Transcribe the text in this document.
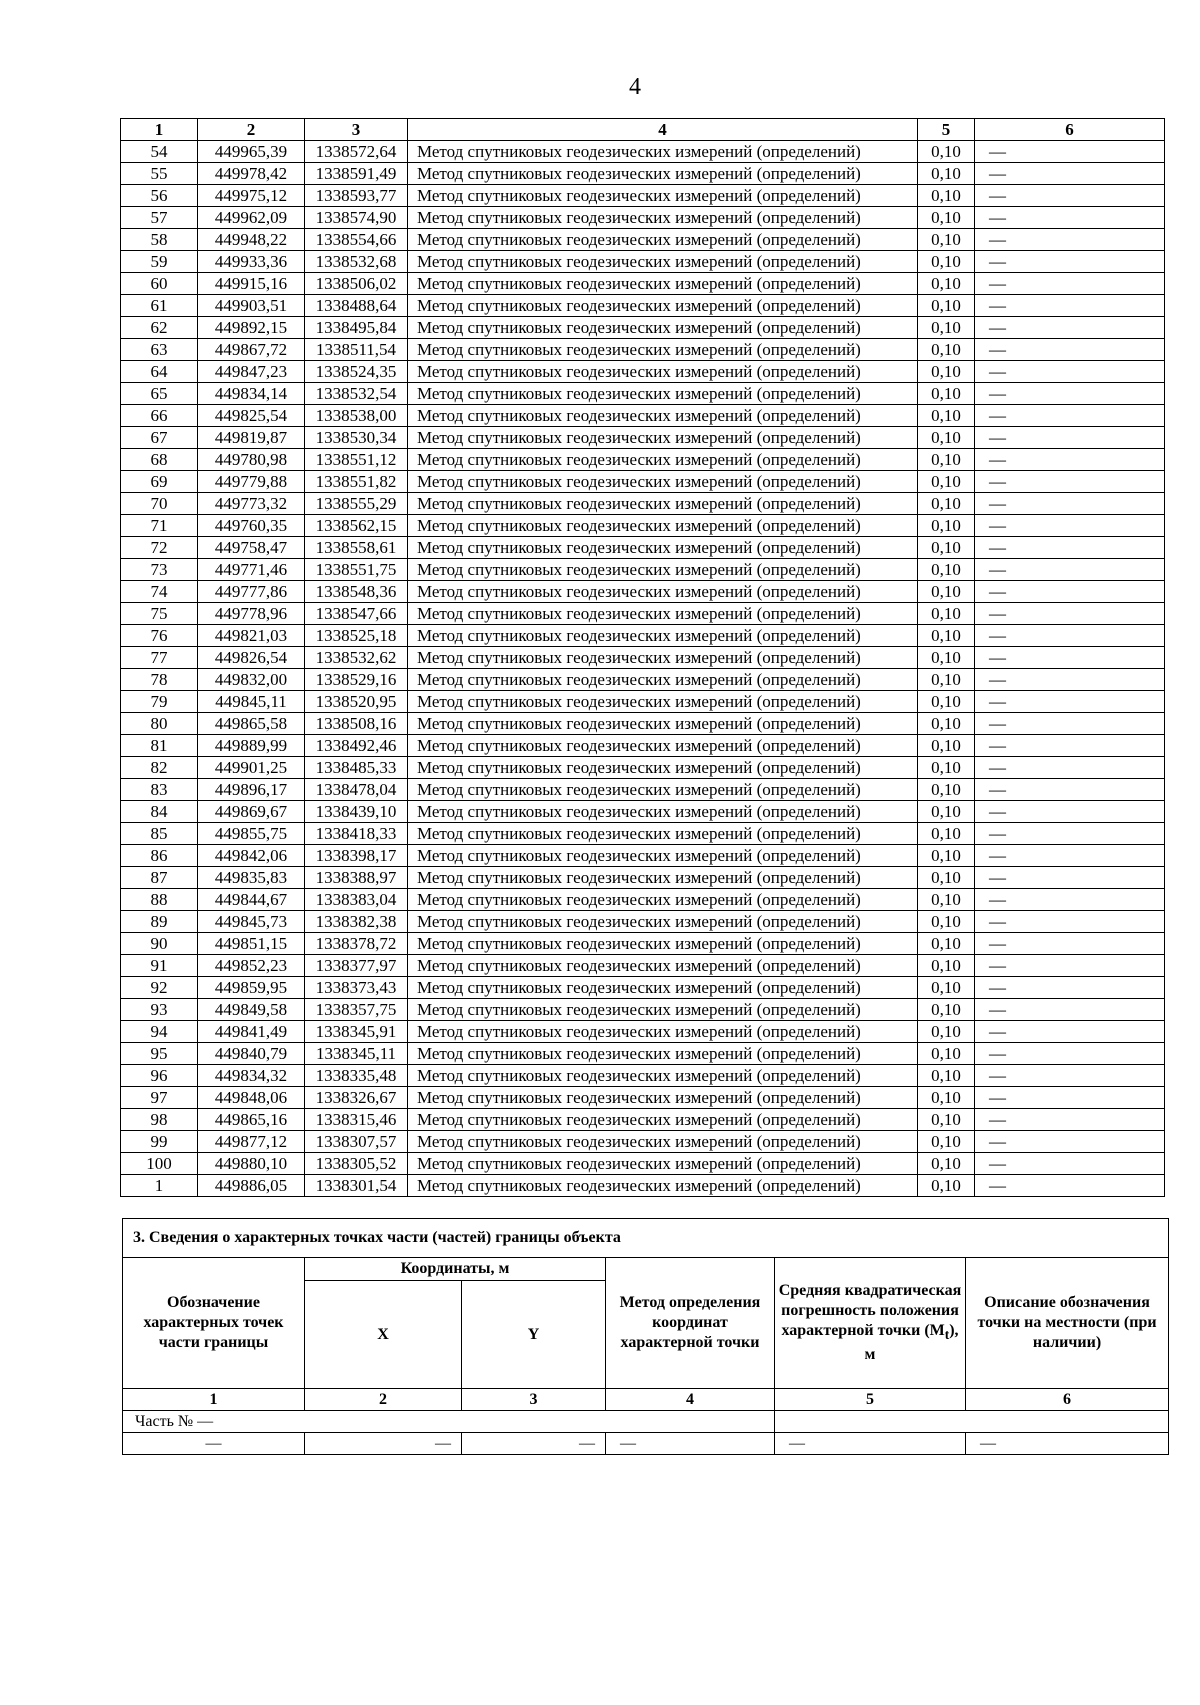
4
1	2	3	4	5	6
54	449965,39	1338572,64	Метод спутниковых геодезических измерений (определений)	0,10	—
55	449978,42	1338591,49	Метод спутниковых геодезических измерений (определений)	0,10	—
56	449975,12	1338593,77	Метод спутниковых геодезических измерений (определений)	0,10	—
57	449962,09	1338574,90	Метод спутниковых геодезических измерений (определений)	0,10	—
58	449948,22	1338554,66	Метод спутниковых геодезических измерений (определений)	0,10	—
59	449933,36	1338532,68	Метод спутниковых геодезических измерений (определений)	0,10	—
60	449915,16	1338506,02	Метод спутниковых геодезических измерений (определений)	0,10	—
61	449903,51	1338488,64	Метод спутниковых геодезических измерений (определений)	0,10	—
62	449892,15	1338495,84	Метод спутниковых геодезических измерений (определений)	0,10	—
63	449867,72	1338511,54	Метод спутниковых геодезических измерений (определений)	0,10	—
64	449847,23	1338524,35	Метод спутниковых геодезических измерений (определений)	0,10	—
65	449834,14	1338532,54	Метод спутниковых геодезических измерений (определений)	0,10	—
66	449825,54	1338538,00	Метод спутниковых геодезических измерений (определений)	0,10	—
67	449819,87	1338530,34	Метод спутниковых геодезических измерений (определений)	0,10	—
68	449780,98	1338551,12	Метод спутниковых геодезических измерений (определений)	0,10	—
69	449779,88	1338551,82	Метод спутниковых геодезических измерений (определений)	0,10	—
70	449773,32	1338555,29	Метод спутниковых геодезических измерений (определений)	0,10	—
71	449760,35	1338562,15	Метод спутниковых геодезических измерений (определений)	0,10	—
72	449758,47	1338558,61	Метод спутниковых геодезических измерений (определений)	0,10	—
73	449771,46	1338551,75	Метод спутниковых геодезических измерений (определений)	0,10	—
74	449777,86	1338548,36	Метод спутниковых геодезических измерений (определений)	0,10	—
75	449778,96	1338547,66	Метод спутниковых геодезических измерений (определений)	0,10	—
76	449821,03	1338525,18	Метод спутниковых геодезических измерений (определений)	0,10	—
77	449826,54	1338532,62	Метод спутниковых геодезических измерений (определений)	0,10	—
78	449832,00	1338529,16	Метод спутниковых геодезических измерений (определений)	0,10	—
79	449845,11	1338520,95	Метод спутниковых геодезических измерений (определений)	0,10	—
80	449865,58	1338508,16	Метод спутниковых геодезических измерений (определений)	0,10	—
81	449889,99	1338492,46	Метод спутниковых геодезических измерений (определений)	0,10	—
82	449901,25	1338485,33	Метод спутниковых геодезических измерений (определений)	0,10	—
83	449896,17	1338478,04	Метод спутниковых геодезических измерений (определений)	0,10	—
84	449869,67	1338439,10	Метод спутниковых геодезических измерений (определений)	0,10	—
85	449855,75	1338418,33	Метод спутниковых геодезических измерений (определений)	0,10	—
86	449842,06	1338398,17	Метод спутниковых геодезических измерений (определений)	0,10	—
87	449835,83	1338388,97	Метод спутниковых геодезических измерений (определений)	0,10	—
88	449844,67	1338383,04	Метод спутниковых геодезических измерений (определений)	0,10	—
89	449845,73	1338382,38	Метод спутниковых геодезических измерений (определений)	0,10	—
90	449851,15	1338378,72	Метод спутниковых геодезических измерений (определений)	0,10	—
91	449852,23	1338377,97	Метод спутниковых геодезических измерений (определений)	0,10	—
92	449859,95	1338373,43	Метод спутниковых геодезических измерений (определений)	0,10	—
93	449849,58	1338357,75	Метод спутниковых геодезических измерений (определений)	0,10	—
94	449841,49	1338345,91	Метод спутниковых геодезических измерений (определений)	0,10	—
95	449840,79	1338345,11	Метод спутниковых геодезических измерений (определений)	0,10	—
96	449834,32	1338335,48	Метод спутниковых геодезических измерений (определений)	0,10	—
97	449848,06	1338326,67	Метод спутниковых геодезических измерений (определений)	0,10	—
98	449865,16	1338315,46	Метод спутниковых геодезических измерений (определений)	0,10	—
99	449877,12	1338307,57	Метод спутниковых геодезических измерений (определений)	0,10	—
100	449880,10	1338305,52	Метод спутниковых геодезических измерений (определений)	0,10	—
1	449886,05	1338301,54	Метод спутниковых геодезических измерений (определений)	0,10	—
3. Сведения о характерных точках части (частей) границы объекта					
Обозначение характерных точек части границы	Координаты, м		Метод определения координат характерной точки	Средняя квадратическая погрешность положения характерной точки $(M_t)$, м	Описание обозначения точки на местности (при наличии)
	X	Y			
1	2	3	4	5	6
Часть № —					
—	—	—	—	—	—
